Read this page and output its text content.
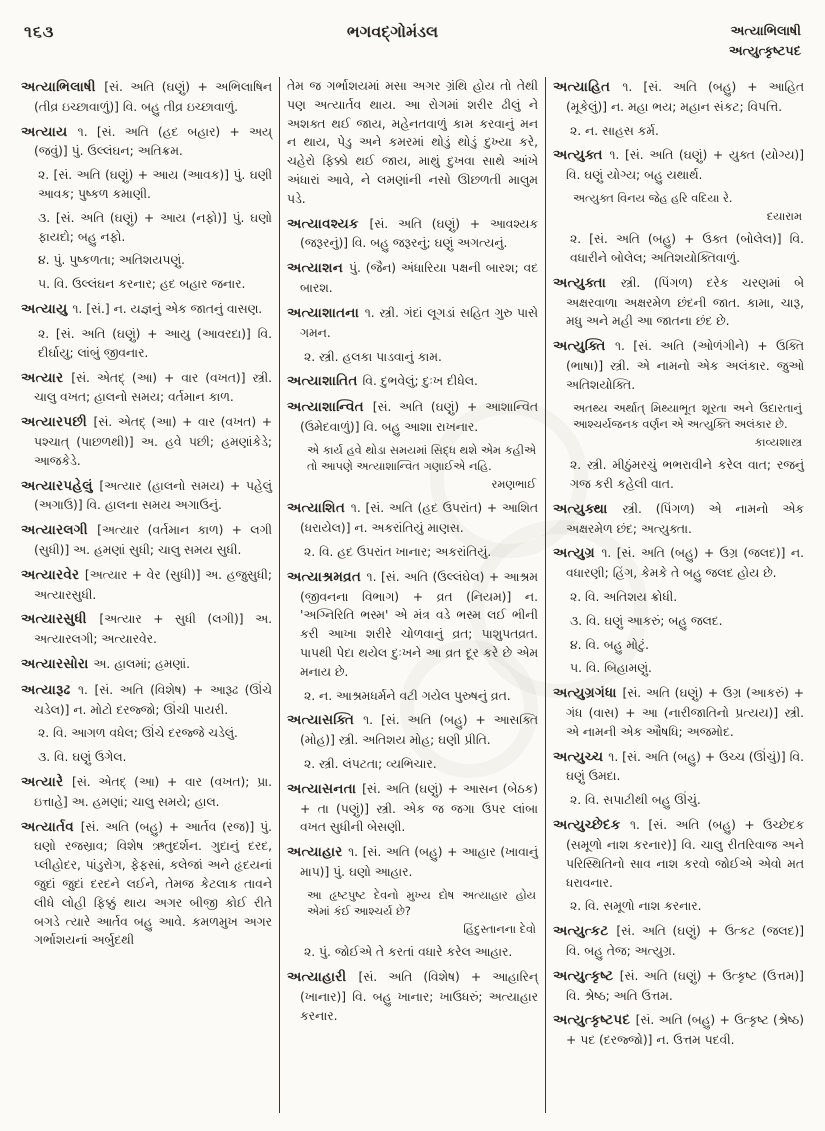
૧૬૩	ભગવદ્ગોમંડલ	અત્યાભિલાષી
અત્યુત્કૃષ્ટપદ

અત્યાભિલાષી [સં. અતિ (ઘણું) + અભિલાષિન (તીવ્ર ઇચ્છાવાળું)] વિ. બહુ તીવ્ર ઇચ્છાવાળું.

અત્યાય ૧. [સં. અતિ (હદ બહાર) + અય્ (જવું)] પું. ઉલ્લંઘન; અતિક્રમ.

૨. [સં. અતિ (ઘણું) + આય (આવક)] પું. ઘણી આવક; પુષ્કળ કમાણી.

૩. [સં. અતિ (ઘણું) + આય (નફો)] પું. ઘણો ફાયદો; બહુ નફો.

૪. પું. પુષ્કળતા; અતિશયપણું.

૫. વિ. ઉલ્લંઘન કરનાર; હદ બહાર જનાર.

અત્યાયુ ૧. [સં.] ન. યજ્ઞનું એક જાતનું વાસણ.

૨. [સં. અતિ (ઘણું) + આયુ (આવરદા)] વિ. દીર્ઘાયુ; લાંબું જીવનાર.

અત્યાર [સં. એતદ્ (આ) + વાર (વખત)] સ્ત્રી. ચાલુ વખત; હાલનો સમય; વર્તમાન કાળ.

અત્યારપછી [સં. એતદ્ (આ) + વાર (વખત) + પશ્ચાત્ (પાછળથી)] અ. હવે પછી; હમણાંકેડે; આજકેડે.

અત્યારપહેલું [અત્યાર (હાલનો સમય) + પહેલું (અગાઉ)] વિ. હાલના સમય અગાઉનું.

અત્યારલગી [અત્યાર (વર્તમાન કાળ) + લગી (સુધી)] અ. હમણાં સુધી; ચાલુ સમય સુધી.

અત્યારવેર [અત્યાર + વેર (સુધી)] અ. હજુસુધી; અત્યારસુધી.

અત્યારસુધી [અત્યાર + સુધી (લગી)] અ. અત્યારલગી; અત્યારવેર.

અત્યારસોરા અ. હાલમાં; હમણાં.

અત્યારૂઢ ૧. [સં. અતિ (વિશેષ) + આરૂઢ (ઊંચે ચડેલ)] ન. મોટો દરજ્જો; ઊંચી પાયરી.

૨. વિ. આગળ વધેલ; ઊંચે દરજ્જે ચડેલું.

૩. વિ. ઘણું ઉગેલ.

અત્યારે [સં. એતદ્ (આ) + વાર (વખત); પ્રા. ઇત્તાહે] અ. હમણાં; ચાલુ સમયે; હાલ.

અત્યાર્તવ [સં. અતિ (બહુ) + આર્તવ (રજ)] પું. ઘણો રજસ્રાવ; વિશેષ ઋતુદર્શન. ગુદાનું દરદ, પ્લીહોદર, પાંડુરોગ, ફેફસાં, કલેજાં અને હૃદયનાં જુદાં જુદાં દરદને લઈને, તેમજ કેટલાક તાવને લીધે લોહી ફિક્કું થાય અગર બીજી કોઈ રીતે બગડે ત્યારે આર્તવ બહુ આવે. કમળમુખ અગર ગર્ભાશયનાં અર્બુદથી

તેમ જ ગર્ભાશયમાં મસા અગર ગ્રંથિ હોય તો તેથી પણ અત્યાર્તવ થાય. આ રોગમાં શરીર ઢીલું ને અશક્ત થઈ જાય, મહેનતવાળું કામ કરવાનું મન ન થાય, પેડુ અને કમરમાં થોડું થોડું દુખ્યા કરે, ચહેરો ફિક્કો થઈ જાય, માથું દુખવા સાથે આંખે અંધારાં આવે, ને લમણાંની નસો ઊછળતી માલુમ પડે.

અત્યાવશ્યક [સં. અતિ (ઘણું) + આવશ્યક (જરૂરનું)] વિ. બહુ જરૂરનું; ઘણું અગત્યનું.

અત્યાશન પું. (જૈન) અંધારિયા પક્ષની બારશ; વદ બારશ.

અત્યાશાતના ૧. સ્ત્રી. ગંદાં લૂગડાં સહિત ગુરુ પાસે ગમન.

૨. સ્ત્રી. હલકા પાડવાનું કામ.

અત્યાશાતિત વિ. દુભવેલું; દુઃખ દીધેલ.

અત્યાશાન્વિત [સં. અતિ (ઘણું) + આશાન્વિત (ઉમેદવાળું)] વિ. બહુ આશા રાખનાર.

એ કાર્ય હવે થોડા સમયમાં સિદ્ધ થશે એમ કહીએ તો આપણે અત્યાશાન્વિત ગણાઈએ નહિ.
રમણભાઈ

અત્યાશિત ૧. [સં. અતિ (હદ ઉપરાંત) + આશિત (ધરાયેલ)] ન. અકરાંતિયું માણસ.

૨. વિ. હદ ઉપરાંત ખાનાર; અકરાંતિયું.

અત્યાશ્રમવ્રત ૧. [સં. અતિ (ઉલ્લંઘેલ) + આશ્રમ (જીવનના વિભાગ) + વ્રત (નિયમ)] ન. 'અગ્નિરિતિ ભસ્મ' એ મંત્ર વડે ભસ્મ લઈ ભીની કરી આખા શરીરે ચોળવાનું વ્રત; પાશુપતવ્રત. પાપથી પેદા થયેલ દુઃખને આ વ્રત દૂર કરે છે એમ મનાય છે.

૨. ન. આશ્રમધર્મને વટી ગયેલ પુરુષનું વ્રત.

અત્યાસક્તિ ૧. [સં. અતિ (બહુ) + આસક્તિ (મોહ)] સ્ત્રી. અતિશય મોહ; ઘણી પ્રીતિ.

૨. સ્ત્રી. લંપટતા; વ્યભિચાર.

અત્યાસનતા [સં. અતિ (ઘણું) + આસન (બેઠક) + તા (પણું)] સ્ત્રી. એક જ જગા ઉપર લાંબા વખત સુધીની બેસણી.

અત્યાહાર ૧. [સં. અતિ (બહુ) + આહાર (ખાવાનું માપ)] પું. ઘણો આહાર.

આ હૃષ્ટપુષ્ટ દેવનો મુખ્ય દોષ અત્યાહાર હોય એમાં કંઈ આશ્ચર્ય છે?
હિંદુસ્તાનના દેવો

૨. પું. જોઈએ તે કરતાં વધારે કરેલ આહાર.

અત્યાહારી [સં. અતિ (વિશેષ) + આહારિન્ (ખાનાર)] વિ. બહુ ખાનાર; ખાઉધરું; અત્યાહાર કરનાર.

અત્યાહિત ૧. [સં. અતિ (બહુ) + આહિત (મૂકેલું)] ન. મહા ભય; મહાન સંકટ; વિપત્તિ.

૨. ન. સાહસ કર્મ.

અત્યુક્ત ૧. [સં. અતિ (ઘણું) + યુક્ત (યોગ્ય)] વિ. ઘણું યોગ્ય; બહુ યથાર્થ.

અત્યુક્ત વિનય જેહ હરિ વદિયા રે.
દયારામ

૨. [સં. અતિ (બહુ) + ઉક્ત (બોલેલ)] વિ. વધારીને બોલેલ; અતિશયોક્તિવાળું.

અત્યુક્તા સ્ત્રી. (પિંગળ) દરેક ચરણમાં બે અક્ષરવાળા અક્ષરમેળ છંદની જાત. કામા, ચારૂ, મધુ અને મહી આ જાતના છંદ છે.

અત્યુક્તિ ૧. [સં. અતિ (ઓળંગીને) + ઉક્તિ (ભાષા)] સ્ત્રી. એ નામનો એક અલંકાર. જુઓ અતિશયોક્તિ.

અતથ્ય અર્થાત્ મિથ્યાભૂત શૂરતા અને ઉદારતાનું આશ્ચર્યજનક વર્ણન એ અત્યુક્તિ અલંકાર છે.
કાવ્યશાસ્ત્ર

૨. સ્ત્રી. મીઠુંમરચું ભભરાવીને કરેલ વાત; રજનું ગજ કરી કહેલી વાત.

અત્યુક્થા સ્ત્રી. (પિંગળ) એ નામનો એક અક્ષરમેળ છંદ; અત્યુક્તા.

અત્યુગ્ર ૧. [સં. અતિ (બહુ) + ઉગ્ર (જલદ)] ન. વધારણી; હિંગ, કેમકે તે બહુ જલદ હોય છે.

૨. વિ. અતિશય ક્રોધી.

૩. વિ. ઘણું આકરું; બહુ જલદ.

૪. વિ. બહુ મોટું.

૫. વિ. બિહામણું.

અત્યુગ્રગંધા [સં. અતિ (ઘણું) + ઉગ્ર (આકરું) + ગંધ (વાસ) + આ (નારીજાતિનો પ્રત્યય)] સ્ત્રી. એ નામની એક ઔષધિ; અજમોદ.

અત્યુચ્ચ ૧. [સં. અતિ (બહુ) + ઉચ્ચ (ઊંચું)] વિ. ઘણું ઉમદા.

૨. વિ. સપાટીથી બહુ ઊંચું.

અત્યુચ્છેદક ૧. [સં. અતિ (બહુ) + ઉચ્છેદક (સમૂળો નાશ કરનાર)] વિ. ચાલુ રીતરિવાજ અને પરિસ્થિતિનો સાવ નાશ કરવો જોઈએ એવો મત ધરાવનાર.

૨. વિ. સમૂળો નાશ કરનાર.

અત્યુત્કટ [સં. અતિ (ઘણું) + ઉત્કટ (જલદ)] વિ. બહુ તેજ; અત્યુગ્ર.

અત્યુત્કૃષ્ટ [સં. અતિ (ઘણું) + ઉત્કૃષ્ટ (ઉત્તમ)] વિ. શ્રેષ્ઠ; અતિ ઉત્તમ.

અત્યુત્કૃષ્ટપદ [સં. અતિ (બહુ) + ઉત્કૃષ્ટ (શ્રેષ્ઠ) + પદ (દરજ્જો)] ન. ઉત્તમ પદવી.
